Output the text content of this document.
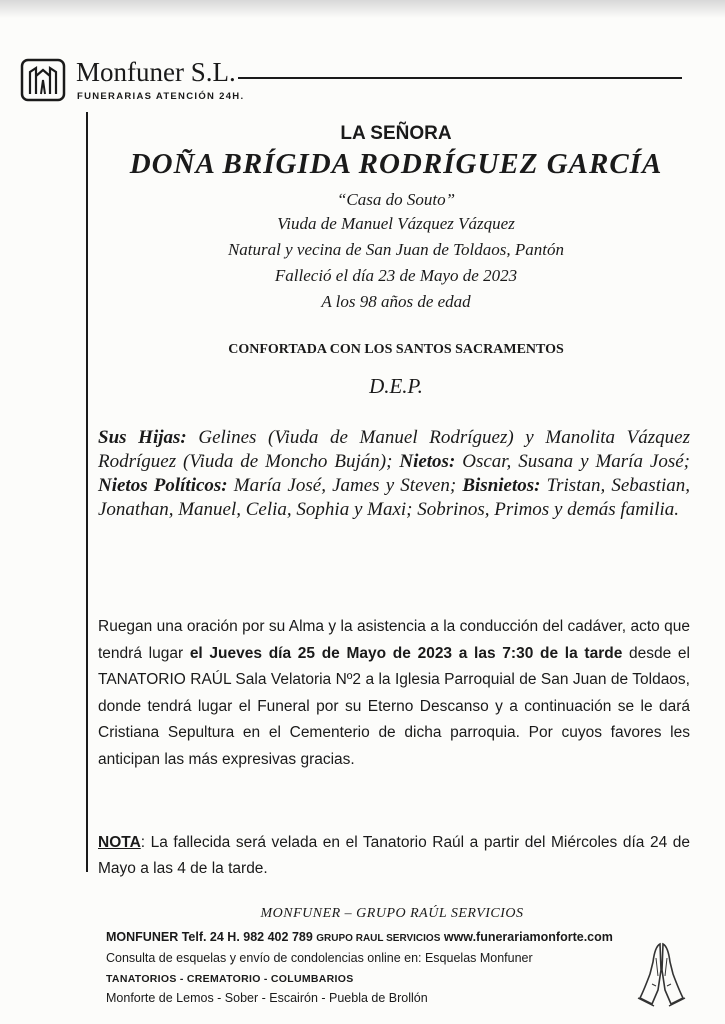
Monfuner S.L.
FUNERARIAS ATENCIÓN 24H.
LA SEÑORA
DOÑA BRÍGIDA RODRÍGUEZ GARCÍA
“Casa do Souto”
Viuda de Manuel Vázquez Vázquez
Natural y vecina de San Juan de Toldaos, Pantón
Falleció el día 23 de Mayo de 2023
A los 98 años de edad
CONFORTADA CON LOS SANTOS SACRAMENTOS
D.E.P.
Sus Hijas: Gelines (Viuda de Manuel Rodríguez) y Manolita Vázquez Rodríguez (Viuda de Moncho Buján); Nietos: Oscar, Susana y María José; Nietos Políticos: María José, James y Steven; Bisnietos: Tristan, Sebastian, Jonathan, Manuel, Celia, Sophia y Maxi; Sobrinos, Primos y demás familia.
Ruegan una oración por su Alma y la asistencia a la conducción del cadáver, acto que tendrá lugar el Jueves día 25 de Mayo de 2023 a las 7:30 de la tarde desde el TANATORIO RAÚL Sala Velatoria Nº2 a la Iglesia Parroquial de San Juan de Toldaos, donde tendrá lugar el Funeral por su Eterno Descanso y a continuación se le dará Cristiana Sepultura en el Cementerio de dicha parroquia. Por cuyos favores les anticipan las más expresivas gracias.
NOTA: La fallecida será velada en el Tanatorio Raúl a partir del Miércoles día 24 de Mayo a las 4 de la tarde.
MONFUNER – GRUPO RAÚL SERVICIOS
MONFUNER Telf. 24 H. 982 402 789 GRUPO RAUL SERVICIOS www.funerariamonforte.com
Consulta de esquelas y envío de condolencias online en: Esquelas Monfuner
TANATORIOS - CREMATORIO - COLUMBARIOS
Monforte de Lemos - Sober - Escairón - Puebla de Brollón
